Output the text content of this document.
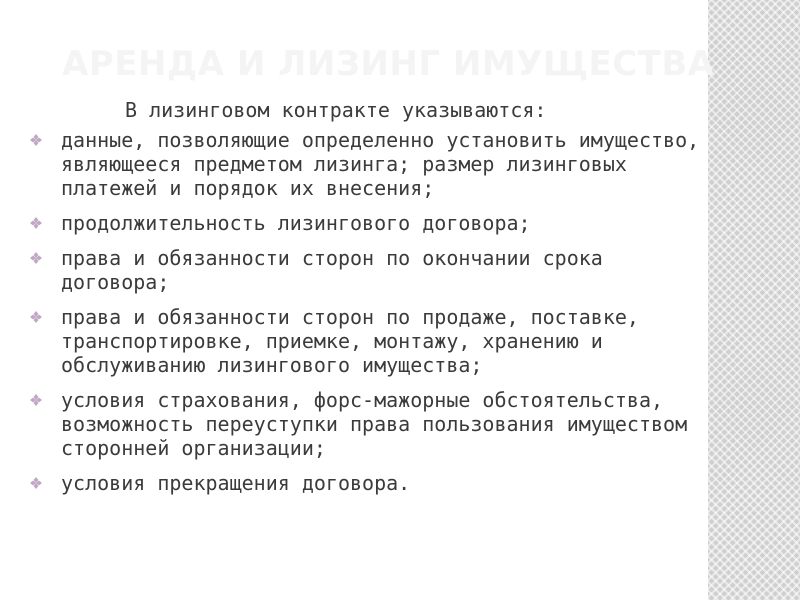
АРЕНДА И ЛИЗИНГ ИМУЩЕСТВА
В лизинговом контракте указываются:
данные, позволяющие определенно установить имущество, являющееся предметом лизинга; размер лизинговых платежей и порядок их внесения;
продолжительность лизингового договора;
права и обязанности сторон по окончании срока договора;
права и обязанности сторон по продаже, поставке, транспортировке, приемке, монтажу, хранению и обслуживанию лизингового имущества;
условия страхования, форс-мажорные обстоятельства, возможность переуступки права пользования имуществом сторонней организации;
условия прекращения договора.
